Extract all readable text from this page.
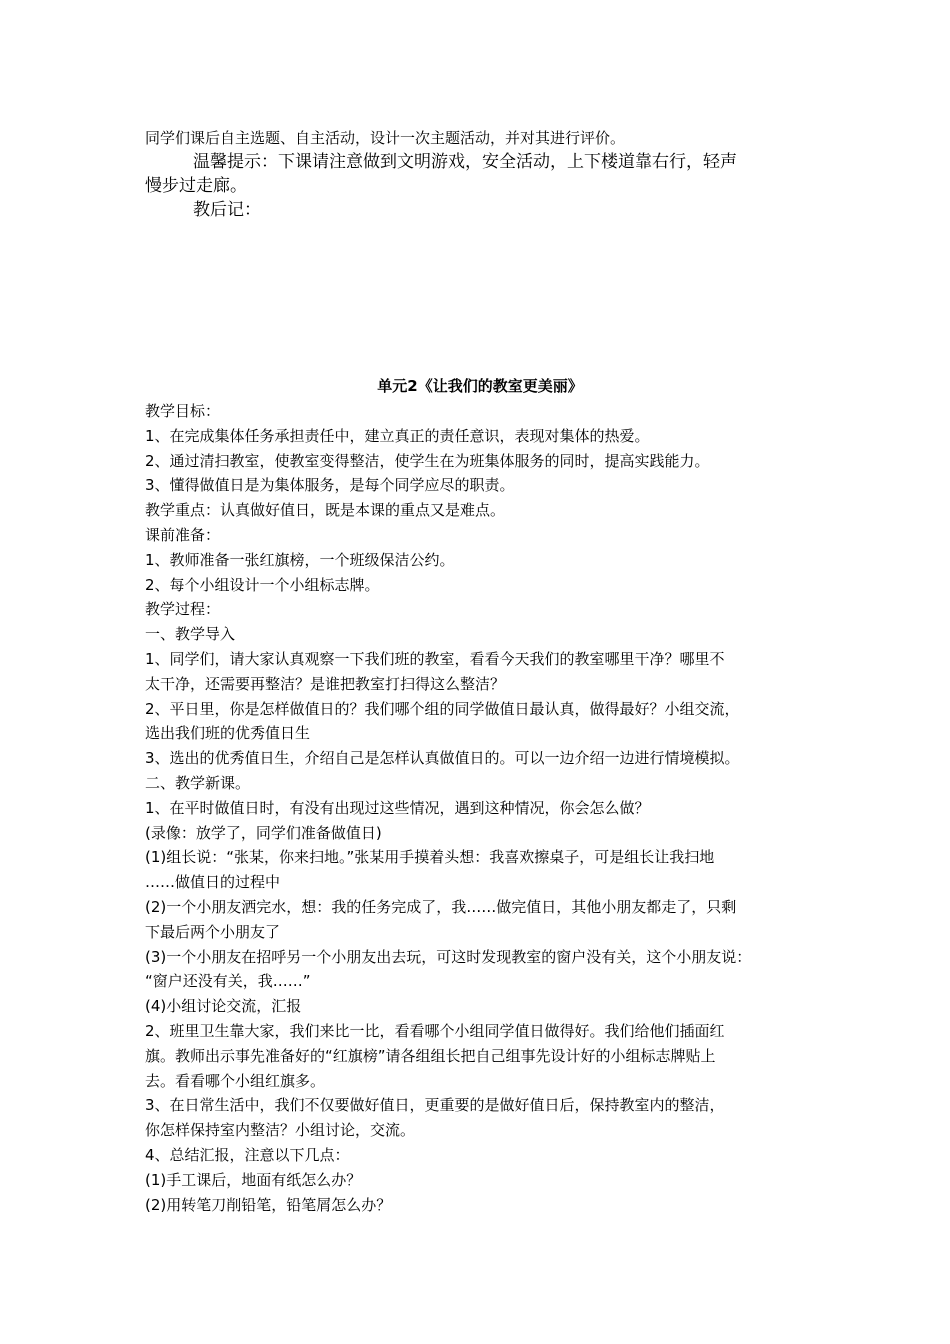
同学们课后自主选题、自主活动，设计一次主题活动，并对其进行评价。
温馨提示：下课请注意做到文明游戏，安全活动，上下楼道靠右行，轻声
慢步过走廊。
教后记：
单元2《让我们的教室更美丽》
教学目标：
1、在完成集体任务承担责任中，建立真正的责任意识，表现对集体的热爱。
2、通过清扫教室，使教室变得整洁，使学生在为班集体服务的同时，提高实践能力。
3、懂得做值日是为集体服务，是每个同学应尽的职责。
教学重点：认真做好值日，既是本课的重点又是难点。
课前准备：
1、教师准备一张红旗榜，一个班级保洁公约。
2、每个小组设计一个小组标志牌。
教学过程：
一、教学导入
1、同学们，请大家认真观察一下我们班的教室，看看今天我们的教室哪里干净？哪里不
太干净，还需要再整洁？是谁把教室打扫得这么整洁？
2、平日里，你是怎样做值日的？我们哪个组的同学做值日最认真，做得最好？小组交流，
选出我们班的优秀值日生
3、选出的优秀值日生，介绍自己是怎样认真做值日的。可以一边介绍一边进行情境模拟。
二、教学新课。
1、在平时做值日时，有没有出现过这些情况，遇到这种情况，你会怎么做？
(录像：放学了，同学们准备做值日)
(1)组长说：“张某，你来扫地。”张某用手摸着头想：我喜欢擦桌子，可是组长让我扫地
……做值日的过程中
(2)一个小朋友洒完水，想：我的任务完成了，我……做完值日，其他小朋友都走了，只剩
下最后两个小朋友了
(3)一个小朋友在招呼另一个小朋友出去玩，可这时发现教室的窗户没有关，这个小朋友说：
“窗户还没有关，我……”
(4)小组讨论交流，汇报
2、班里卫生靠大家，我们来比一比，看看哪个小组同学值日做得好。我们给他们插面红
旗。教师出示事先准备好的“红旗榜”请各组组长把自己组事先设计好的小组标志牌贴上
去。看看哪个小组红旗多。
3、在日常生活中，我们不仅要做好值日，更重要的是做好值日后，保持教室内的整洁，
你怎样保持室内整洁？小组讨论，交流。
4、总结汇报，注意以下几点：
(1)手工课后，地面有纸怎么办？
(2)用转笔刀削铅笔，铅笔屑怎么办？
